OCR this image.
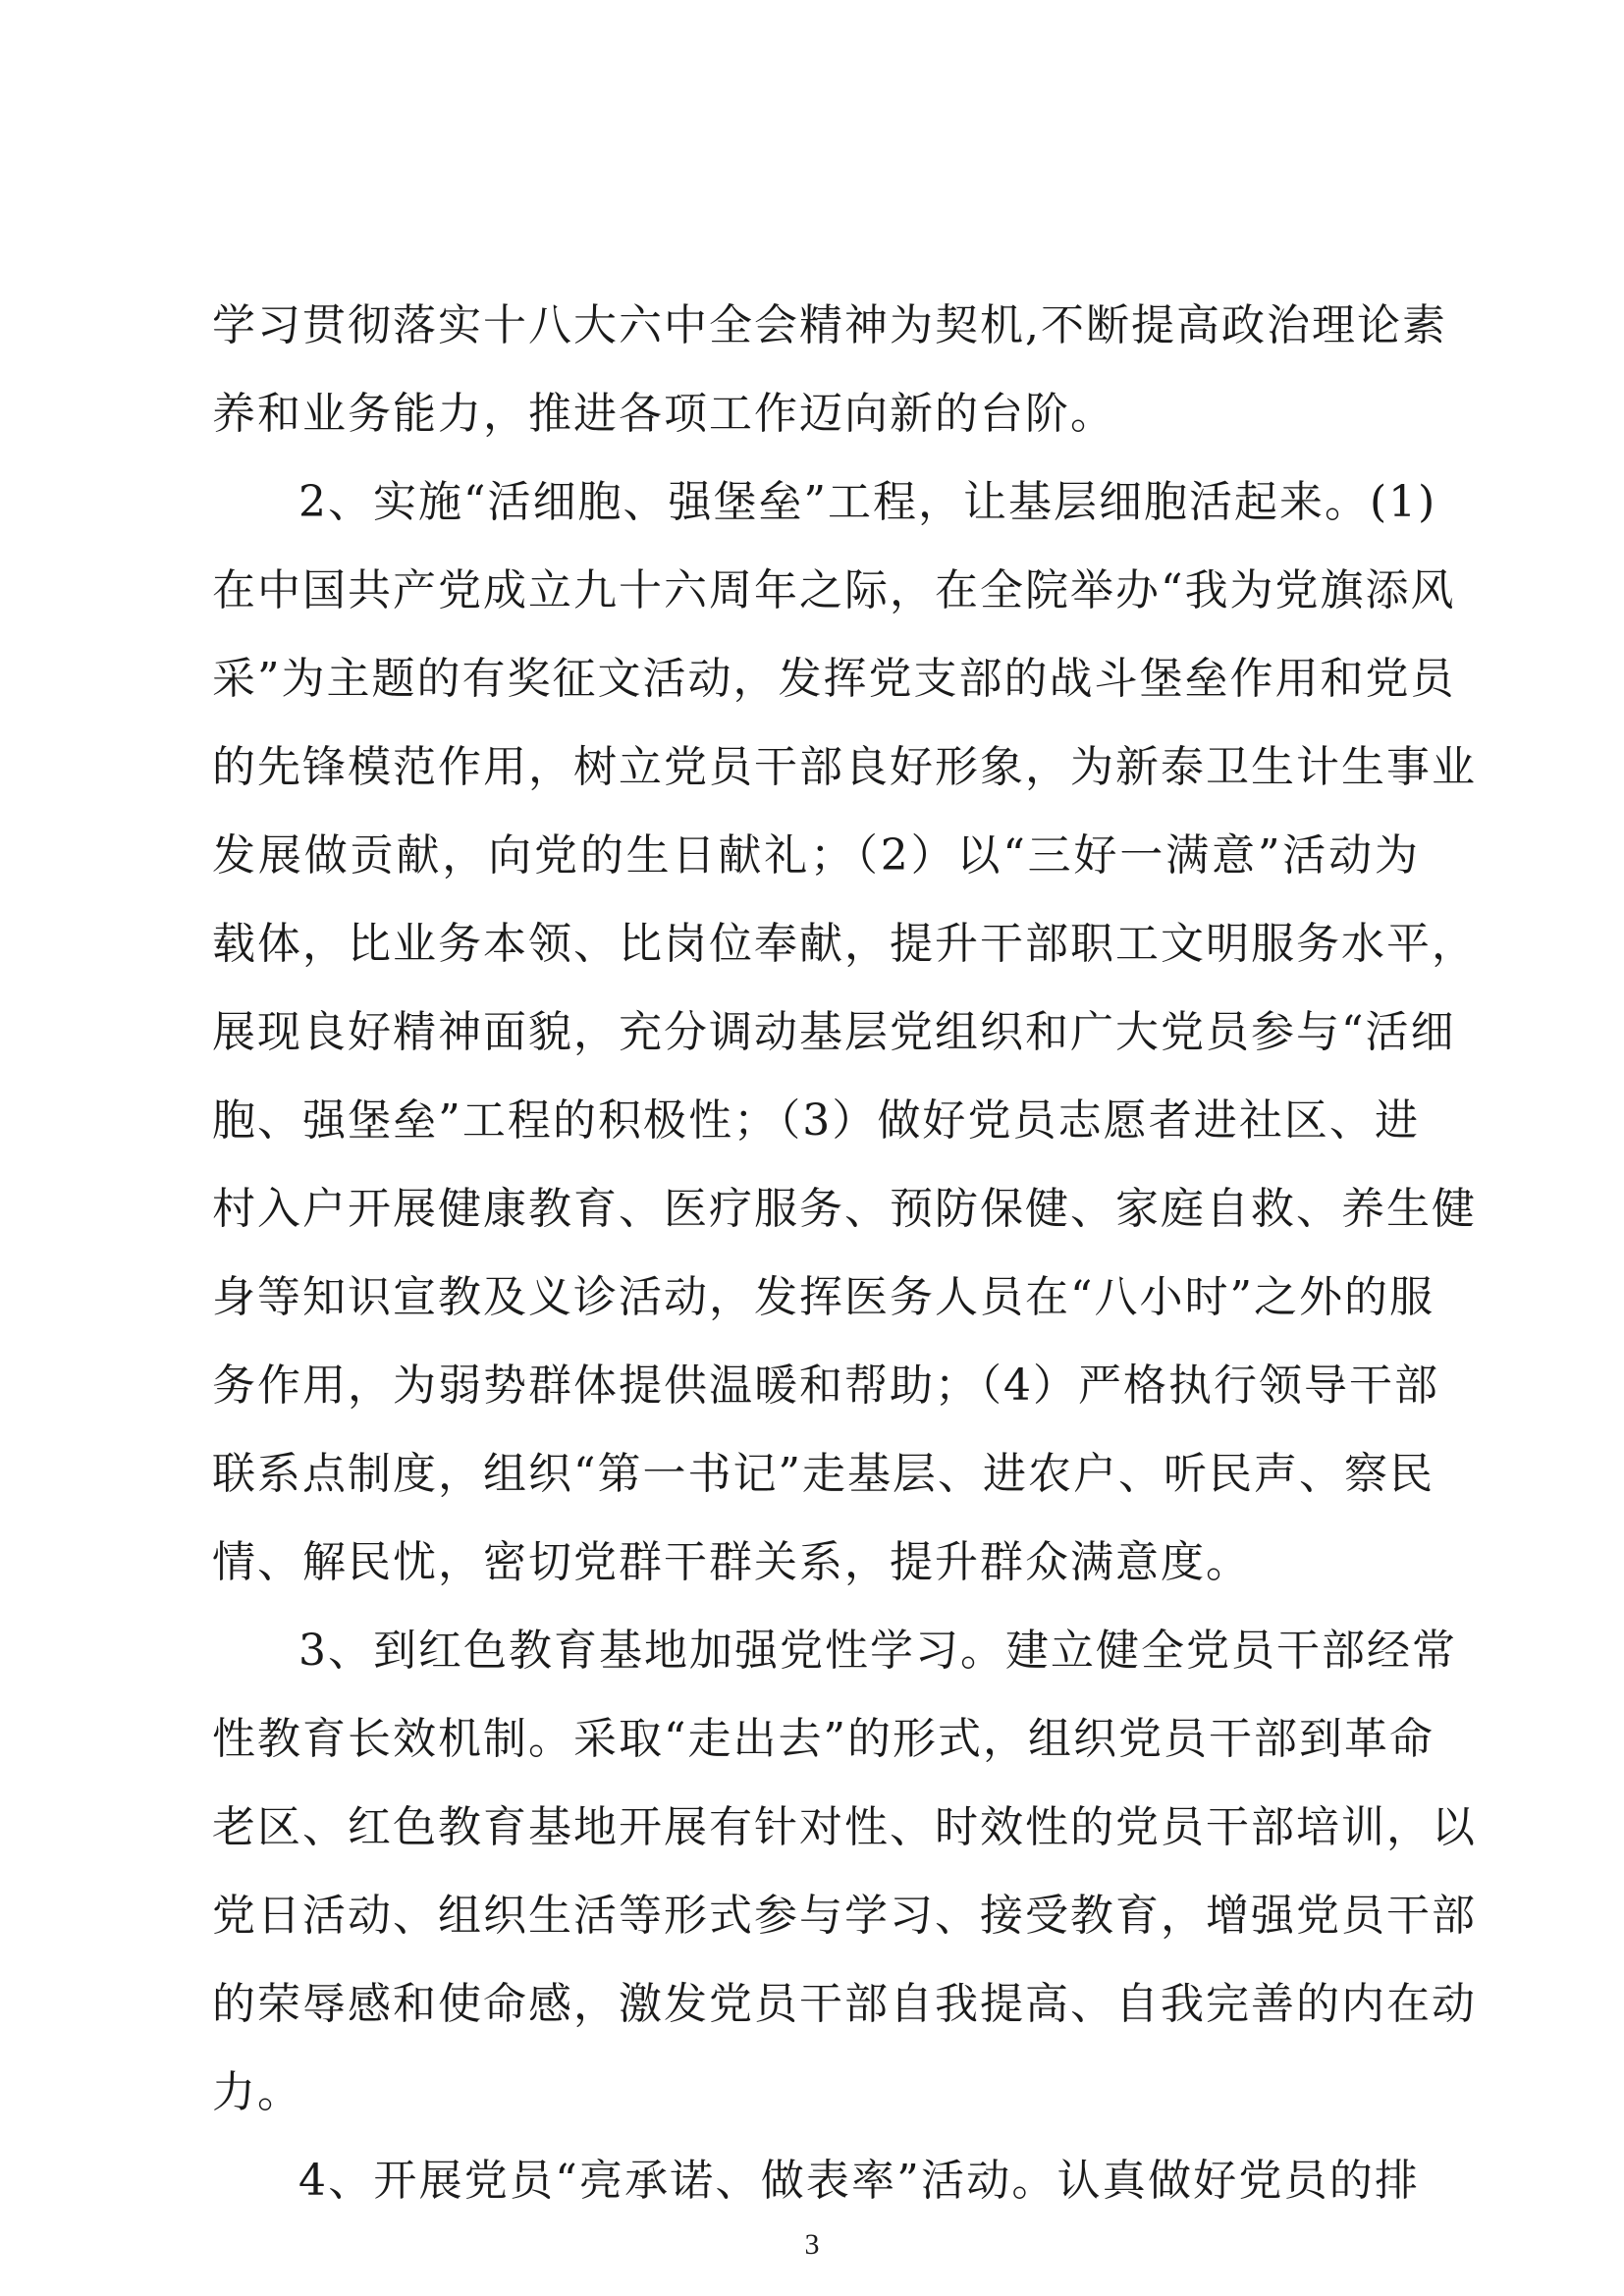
学习贯彻落实十八大六中全会精神为契机,不断提高政治理论素
养和业务能力，推进各项工作迈向新的台阶。
2、实施“活细胞、强堡垒”工程，让基层细胞活起来。(1)
在中国共产党成立九十六周年之际，在全院举办“我为党旗添风
采”为主题的有奖征文活动，发挥党支部的战斗堡垒作用和党员
的先锋模范作用，树立党员干部良好形象，为新泰卫生计生事业
发展做贡献，向党的生日献礼；（2）以“三好一满意”活动为
载体，比业务本领、比岗位奉献，提升干部职工文明服务水平，
展现良好精神面貌，充分调动基层党组织和广大党员参与“活细
胞、强堡垒”工程的积极性；（3）做好党员志愿者进社区、进
村入户开展健康教育、医疗服务、预防保健、家庭自救、养生健
身等知识宣教及义诊活动，发挥医务人员在“八小时”之外的服
务作用，为弱势群体提供温暖和帮助；（4）严格执行领导干部
联系点制度，组织“第一书记”走基层、进农户、听民声、察民
情、解民忧，密切党群干群关系，提升群众满意度。
3、到红色教育基地加强党性学习。建立健全党员干部经常
性教育长效机制。采取“走出去”的形式，组织党员干部到革命
老区、红色教育基地开展有针对性、时效性的党员干部培训，以
党日活动、组织生活等形式参与学习、接受教育，增强党员干部
的荣辱感和使命感，激发党员干部自我提高、自我完善的内在动
力。
4、开展党员“亮承诺、做表率”活动。认真做好党员的排
3
